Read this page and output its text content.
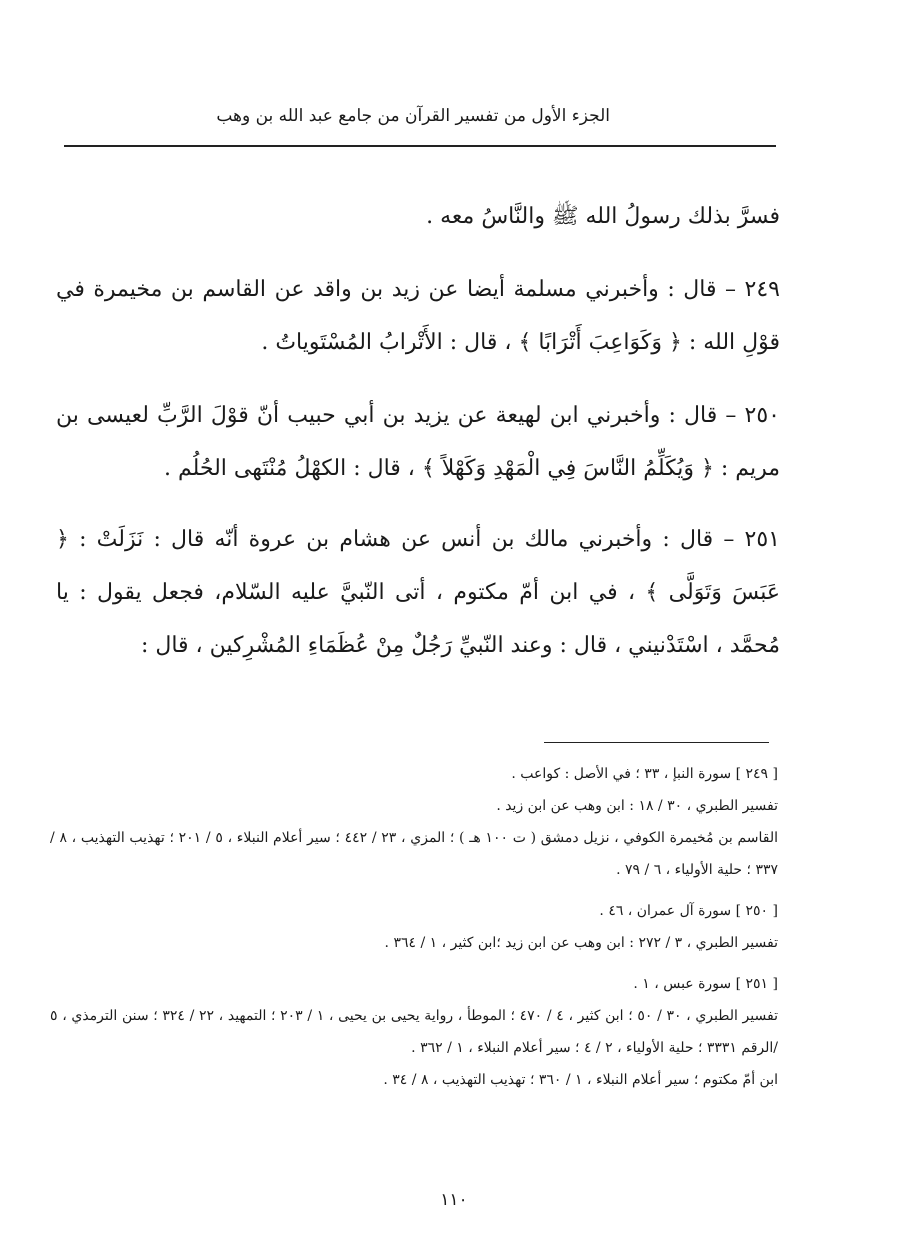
الجزء الأول من تفسير القرآن من جامع عبد الله بن وهب

فسرَّ بذلك رسولُ الله ﷺ والنَّاسُ معه .

٢٤٩ – قال : وأخبرني مسلمة أيضا عن زيد بن واقد عن القاسم بن مخيمرة في قوْلِ الله : ﴿ وَكَوَاعِبَ أَتْرَابًا ﴾ ، قال : الأَتْرابُ المُسْتَوياتُ .

٢٥٠ – قال : وأخبرني ابن لهيعة عن يزيد بن أبي حبيب أنّ قوْلَ الرَّبِّ لعيسى بن مريم : ﴿ وَيُكَلِّمُ النَّاسَ فِي الْمَهْدِ وَكَهْلاً ﴾ ، قال : الكهْلُ مُنْتَهى الحُلُم .

٢٥١ – قال : وأخبرني مالك بن أنس عن هشام بن عروة أنّه قال : نَزَلَتْ : ﴿ عَبَسَ وَتَوَلَّى ﴾ ، في ابن أمّ مكتوم ، أتى النّبيَّ عليه السّلام، فجعل يقول : يا مُحمَّد ، اسْتَدْنيني ، قال : وعند النّبيِّ رَجُلٌ مِنْ عُظَمَاءِ المُشْرِكين ، قال :

[ ٢٤٩ ] سورة النبإ ، ٣٣ ؛ في الأصل : كواعب .

تفسير الطبري ، ٣٠ / ١٨ : ابن وهب عن ابن زيد .

القاسم بن مُخيمرة الكوفي ، نزيل دمشق ( ت ١٠٠ هـ ) ؛ المزي ، ٢٣ / ٤٤٢ ؛ سير أعلام النبلاء ، ٥ / ٢٠١ ؛ تهذيب التهذيب ، ٨ / ٣٣٧ ؛ حلية الأولياء ، ٦ / ٧٩ .

[ ٢٥٠ ] سورة آل عمران ، ٤٦ .

تفسير الطبري ، ٣ / ٢٧٢ : ابن وهب عن ابن زيد ؛ابن كثير ، ١ / ٣٦٤ .

[ ٢٥١ ] سورة عبس ، ١ .

تفسير الطبري ، ٣٠ / ٥٠ ؛ ابن كثير ، ٤ / ٤٧٠ ؛ الموطأ ، رواية يحيى بن يحيى ، ١ / ٢٠٣ ؛ التمهيد ، ٢٢ / ٣٢٤ ؛ سنن الترمذي ، ٥ /الرقم ٣٣٣١ ؛ حلية الأولياء ، ٢ / ٤ ؛ سير أعلام النبلاء ، ١ / ٣٦٢ .

ابن أمّ مكتوم ؛ سير أعلام النبلاء ، ١ / ٣٦٠ ؛ تهذيب التهذيب ، ٨ / ٣٤ .

١١٠
